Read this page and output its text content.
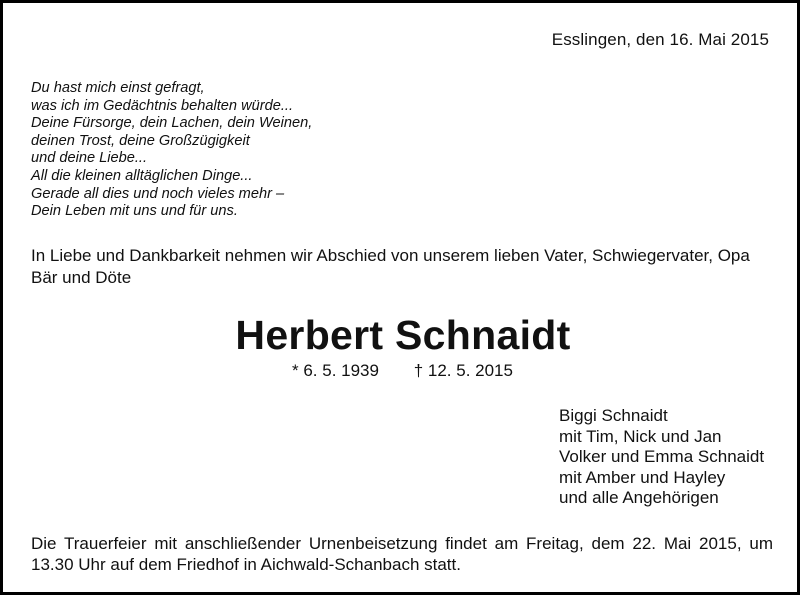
Esslingen, den 16. Mai 2015
Du hast mich einst gefragt,
was ich im Gedächtnis behalten würde...
Deine Fürsorge, dein Lachen, dein Weinen,
deinen Trost, deine Großzügigkeit
und deine Liebe...
All die kleinen alltäglichen Dinge...
Gerade all dies und noch vieles mehr –
Dein Leben mit uns und für uns.
In Liebe und Dankbarkeit nehmen wir Abschied von unserem lieben Vater, Schwiegervater, Opa Bär und Döte
Herbert Schnaidt
* 6. 5. 1939 † 12. 5. 2015
Biggi Schnaidt
mit Tim, Nick und Jan
Volker und Emma Schnaidt
mit Amber und Hayley
und alle Angehörigen
Die Trauerfeier mit anschließender Urnenbeisetzung findet am Freitag, dem 22. Mai 2015, um 13.30 Uhr auf dem Friedhof in Aichwald-Schanbach statt.
